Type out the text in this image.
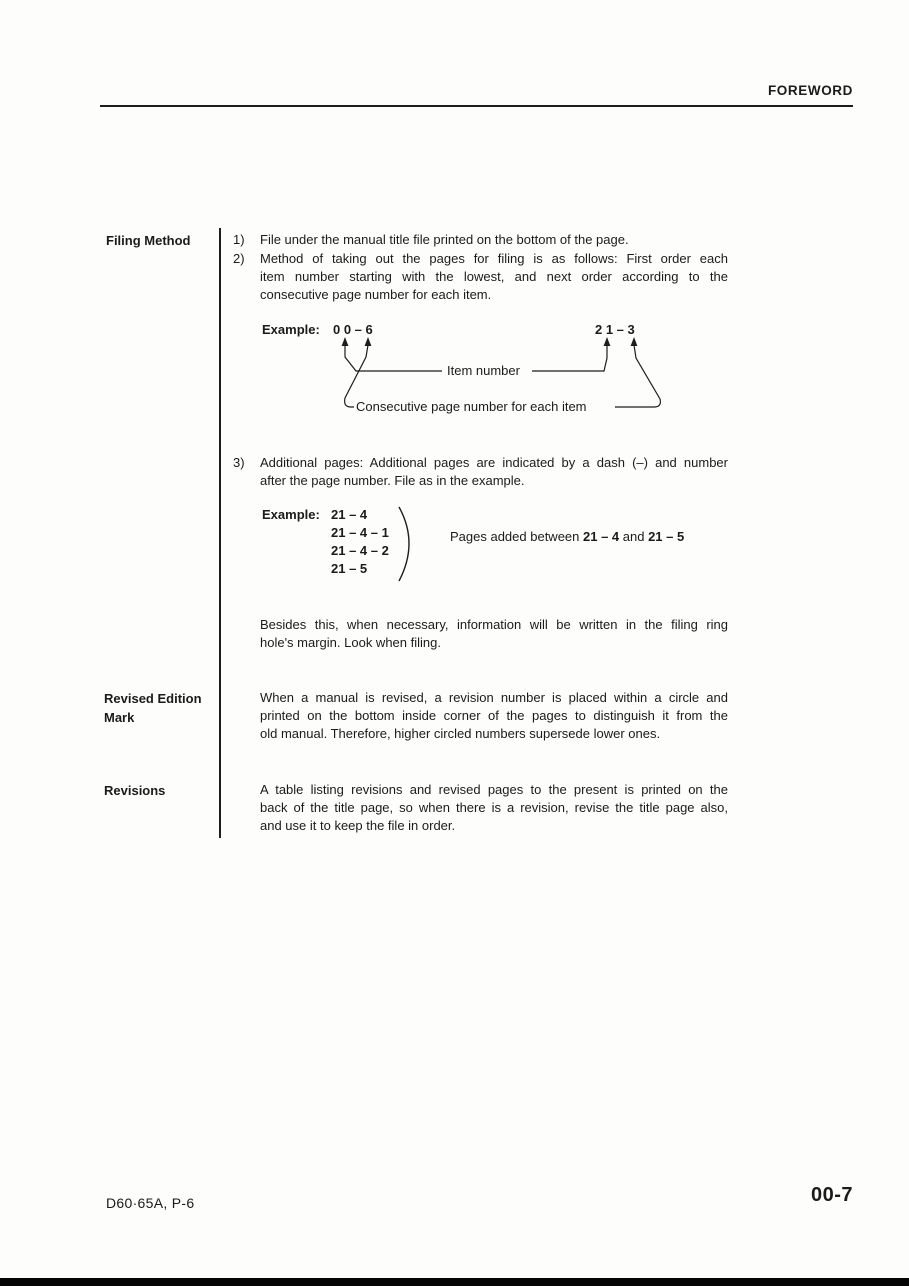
FOREWORD
Filing Method
Revised Edition
Mark
Revisions
1) File under the manual title file printed on the bottom of the page.
2) Method of taking out the pages for filing is as follows: First order each
item number starting with the lowest, and next order according to the
consecutive page number for each item.
Example: 0 0 – 6	2 1 – 3
Item number
Consecutive page number for each item
3) Additional pages: Additional pages are indicated by a dash (–) and number
after the page number. File as in the example.
Example: 21 – 4
21 – 4 – 1
21 – 4 – 2
21 – 5
Pages added between 21 – 4 and 21 – 5
Besides this, when necessary, information will be written in the filing ring
hole's margin. Look when filing.
When a manual is revised, a revision number is placed within a circle and
printed on the bottom inside corner of the pages to distinguish it from the
old manual. Therefore, higher circled numbers supersede lower ones.
A table listing revisions and revised pages to the present is printed on the
back of the title page, so when there is a revision, revise the title page also,
and use it to keep the file in order.
D60·65A, P-6	00-7
